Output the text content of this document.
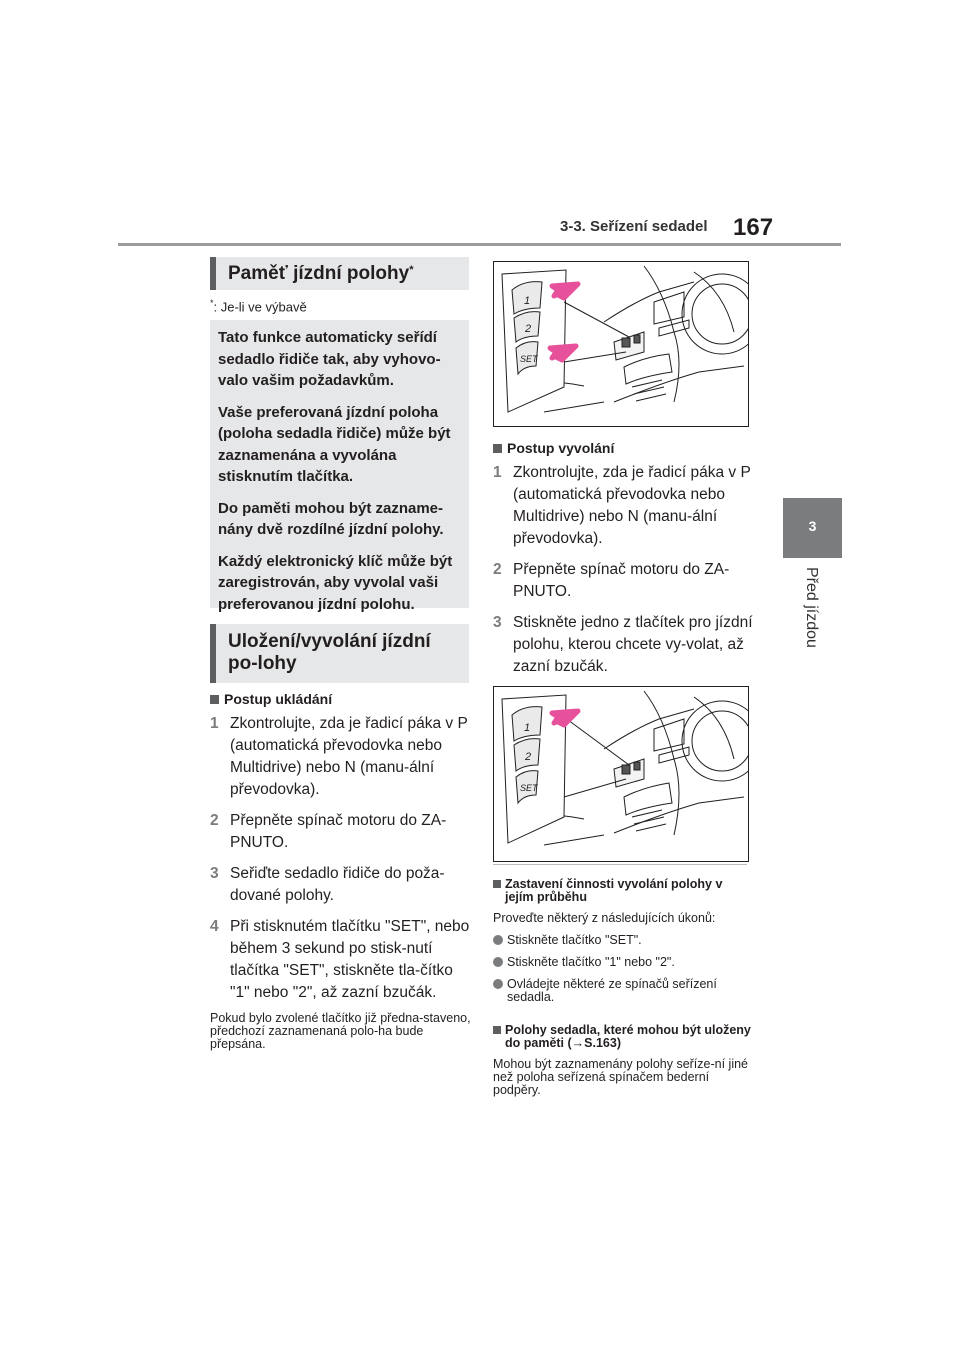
3-3. Seřízení sedadel 167
3
Před jízdou
Paměť jízdní polohy*
*: Je-li ve výbavě

Tato funkce automaticky seřídí sedadlo řidiče tak, aby vyhovo-valo vašim požadavkům.

Vaše preferovaná jízdní poloha (poloha sedadla řidiče) může být zaznamenána a vyvolána stisknutím tlačítka.

Do paměti mohou být zazname-nány dvě rozdílné jízdní polohy.

Každý elektronický klíč může být zaregistrován, aby vyvolal vaši preferovanou jízdní polohu.

Uložení/vyvolání jízdní po-lohy
Postup ukládání
1 Zkontrolujte, zda je řadicí páka v P (automatická převodovka nebo Multidrive) nebo N (manu-ální převodovka).
2 Přepněte spínač motoru do ZA-PNUTO.
3 Seřiďte sedadlo řidiče do poža-dované polohy.
4 Při stisknutém tlačítku "SET", nebo během 3 sekund po stisk-nutí tlačítka "SET", stiskněte tla-čítko "1" nebo "2", až zazní bzučák.
Pokud bylo zvolené tlačítko již předna-staveno, předchozí zaznamenaná polo-ha bude přepsána.
1
2
SET
Postup vyvolání
1 Zkontrolujte, zda je řadicí páka v P (automatická převodovka nebo Multidrive) nebo N (manu-ální převodovka).
2 Přepněte spínač motoru do ZA-PNUTO.
3 Stiskněte jedno z tlačítek pro jízdní polohu, kterou chcete vy-volat, až zazní bzučák.
1
2
SET
Zastavení činnosti vyvolání polohy v jejím průběhu
Proveďte některý z následujících úkonů:
Stiskněte tlačítko "SET".
Stiskněte tlačítko "1" nebo "2".
Ovládejte některé ze spínačů seřízení sedadla.
Polohy sedadla, které mohou být uloženy do paměti (→S.163)
Mohou být zaznamenány polohy seříze-ní jiné než poloha seřízená spínačem bederní podpěry.
